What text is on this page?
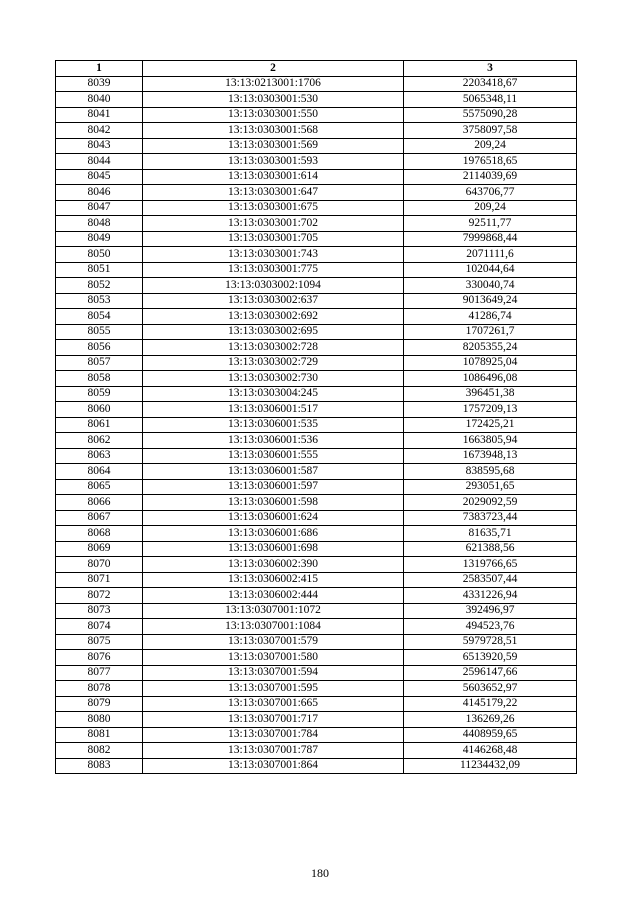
1	2	3
8039	13:13:0213001:1706	2203418,67
8040	13:13:0303001:530	5065348,11
8041	13:13:0303001:550	5575090,28
8042	13:13:0303001:568	3758097,58
8043	13:13:0303001:569	209,24
8044	13:13:0303001:593	1976518,65
8045	13:13:0303001:614	2114039,69
8046	13:13:0303001:647	643706,77
8047	13:13:0303001:675	209,24
8048	13:13:0303001:702	92511,77
8049	13:13:0303001:705	7999868,44
8050	13:13:0303001:743	2071111,6
8051	13:13:0303001:775	102044,64
8052	13:13:0303002:1094	330040,74
8053	13:13:0303002:637	9013649,24
8054	13:13:0303002:692	41286,74
8055	13:13:0303002:695	1707261,7
8056	13:13:0303002:728	8205355,24
8057	13:13:0303002:729	1078925,04
8058	13:13:0303002:730	1086496,08
8059	13:13:0303004:245	396451,38
8060	13:13:0306001:517	1757209,13
8061	13:13:0306001:535	172425,21
8062	13:13:0306001:536	1663805,94
8063	13:13:0306001:555	1673948,13
8064	13:13:0306001:587	838595,68
8065	13:13:0306001:597	293051,65
8066	13:13:0306001:598	2029092,59
8067	13:13:0306001:624	7383723,44
8068	13:13:0306001:686	81635,71
8069	13:13:0306001:698	621388,56
8070	13:13:0306002:390	1319766,65
8071	13:13:0306002:415	2583507,44
8072	13:13:0306002:444	4331226,94
8073	13:13:0307001:1072	392496,97
8074	13:13:0307001:1084	494523,76
8075	13:13:0307001:579	5979728,51
8076	13:13:0307001:580	6513920,59
8077	13:13:0307001:594	2596147,66
8078	13:13:0307001:595	5603652,97
8079	13:13:0307001:665	4145179,22
8080	13:13:0307001:717	136269,26
8081	13:13:0307001:784	4408959,65
8082	13:13:0307001:787	4146268,48
8083	13:13:0307001:864	11234432,09
180
